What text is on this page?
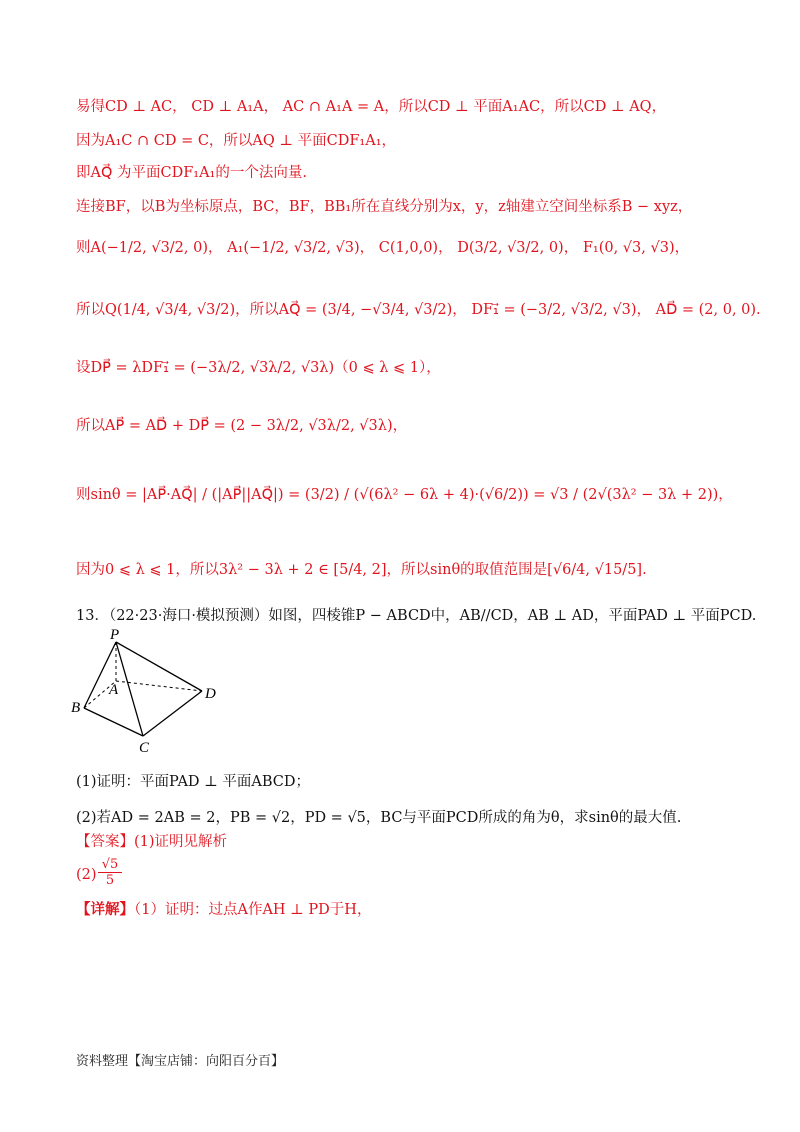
易得CD ⊥ AC， CD ⊥ A₁A， AC ∩ A₁A = A，所以CD ⊥ 平面A₁AC，所以CD ⊥ AQ，
因为A₁C ∩ CD = C，所以AQ ⊥ 平面CDF₁A₁，
即AQ⃗ 为平面CDF₁A₁的一个法向量.
连接BF，以B为坐标原点，BC，BF，BB₁所在直线分别为x，y，z轴建立空间坐标系B − xyz，
则A(−1/2, √3/2, 0)， A₁(−1/2, √3/2, √3)， C(1,0,0)， D(3/2, √3/2, 0)， F₁(0, √3, √3)，
所以Q(1/4, √3/4, √3/2)，所以AQ⃗ = (3/4, −√3/4, √3/2)， DF₁⃗ = (−3/2, √3/2, √3)， AD⃗ = (2, 0, 0).
设DP⃗ = λDF₁⃗ = (−3λ/2, √3λ/2, √3λ)（0 ⩽ λ ⩽ 1），
所以AP⃗ = AD⃗ + DP⃗ = (2 − 3λ/2, √3λ/2, √3λ)，
则sinθ = |AP⃗·AQ⃗| / (|AP⃗||AQ⃗|) = (3/2) / (√(6λ² − 6λ + 4)·(√6/2)) = √3 / (2√(3λ² − 3λ + 2))，
因为0 ⩽ λ ⩽ 1，所以3λ² − 3λ + 2 ∈ [5/4, 2]，所以sinθ的取值范围是[√6/4, √15/5].
13．（22·23·海口·模拟预测）如图，四棱锥P − ABCD中，AB//CD，AB ⊥ AD，平面PAD ⊥ 平面PCD.
P
A
B
C
D
(1)证明：平面PAD ⊥ 平面ABCD；
(2)若AD = 2AB = 2，PB = √2，PD = √5，BC与平面PCD所成的角为θ，求sinθ的最大值.
【答案】(1)证明见解析
$(2) \frac{√5}{5}$
【详解】（1）证明：过点A作AH ⊥ PD于H，
资料整理【淘宝店铺：向阳百分百】
